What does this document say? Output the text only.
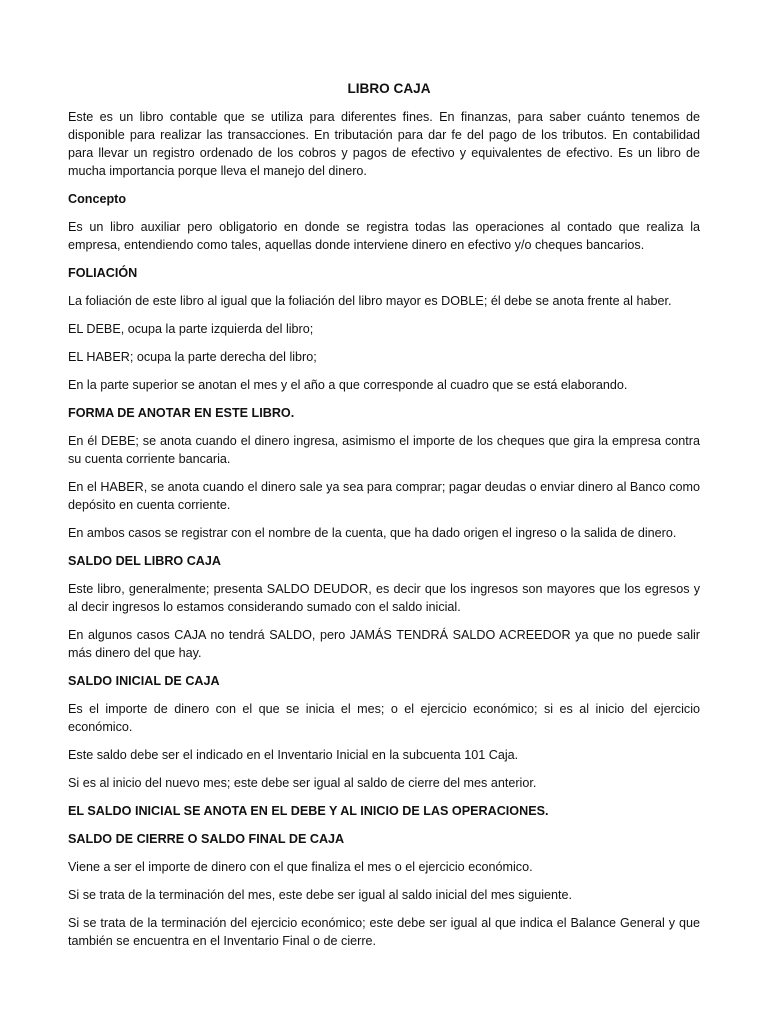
LIBRO CAJA
Este es un libro contable que se utiliza para diferentes fines. En finanzas, para saber cuánto tenemos de disponible para realizar las transacciones. En tributación para dar fe del pago de los tributos. En contabilidad para llevar un registro ordenado de los cobros y pagos de efectivo y equivalentes de efectivo. Es un libro de mucha importancia porque lleva el manejo del dinero.
Concepto
Es un libro auxiliar pero obligatorio en donde se registra todas las operaciones al contado que realiza la empresa, entendiendo como tales, aquellas donde interviene dinero en efectivo y/o cheques bancarios.
FOLIACIÓN
La foliación de este libro al igual que la foliación del libro mayor es DOBLE; él debe se anota frente al haber.
EL DEBE, ocupa la parte izquierda del libro;
EL HABER; ocupa la parte derecha del libro;
En la parte superior se anotan el mes y el año a que corresponde al cuadro que se está elaborando.
FORMA DE ANOTAR EN ESTE LIBRO.
En él DEBE; se anota cuando el dinero ingresa, asimismo el importe de los cheques que gira la empresa contra su cuenta corriente bancaria.
En el HABER, se anota cuando el dinero sale ya sea para comprar; pagar deudas o enviar dinero al Banco como depósito en cuenta corriente.
En ambos casos se registrar con el nombre de la cuenta, que ha dado origen el ingreso o la salida de dinero.
SALDO DEL LIBRO CAJA
Este libro, generalmente; presenta SALDO DEUDOR, es decir que los ingresos son mayores que los egresos y al decir ingresos lo estamos considerando sumado con el saldo inicial.
En algunos casos CAJA no tendrá SALDO, pero JAMÁS TENDRÁ SALDO ACREEDOR ya que no puede salir más dinero del que hay.
SALDO INICIAL DE CAJA
Es el importe de dinero con el que se inicia el mes; o el ejercicio económico; si es al inicio del ejercicio económico.
Este saldo debe ser el indicado en el Inventario Inicial en la subcuenta 101 Caja.
Si es al inicio del nuevo mes; este debe ser igual al saldo de cierre del mes anterior.
EL SALDO INICIAL SE ANOTA EN EL DEBE Y AL INICIO DE LAS OPERACIONES.
SALDO DE CIERRE O SALDO FINAL DE CAJA
Viene a ser el importe de dinero con el que finaliza el mes o el ejercicio económico.
Si se trata de la terminación del mes, este debe ser igual al saldo inicial del mes siguiente.
Si se trata de la terminación del ejercicio económico; este debe ser igual al que indica el Balance General y que también se encuentra en el Inventario Final o de cierre.
